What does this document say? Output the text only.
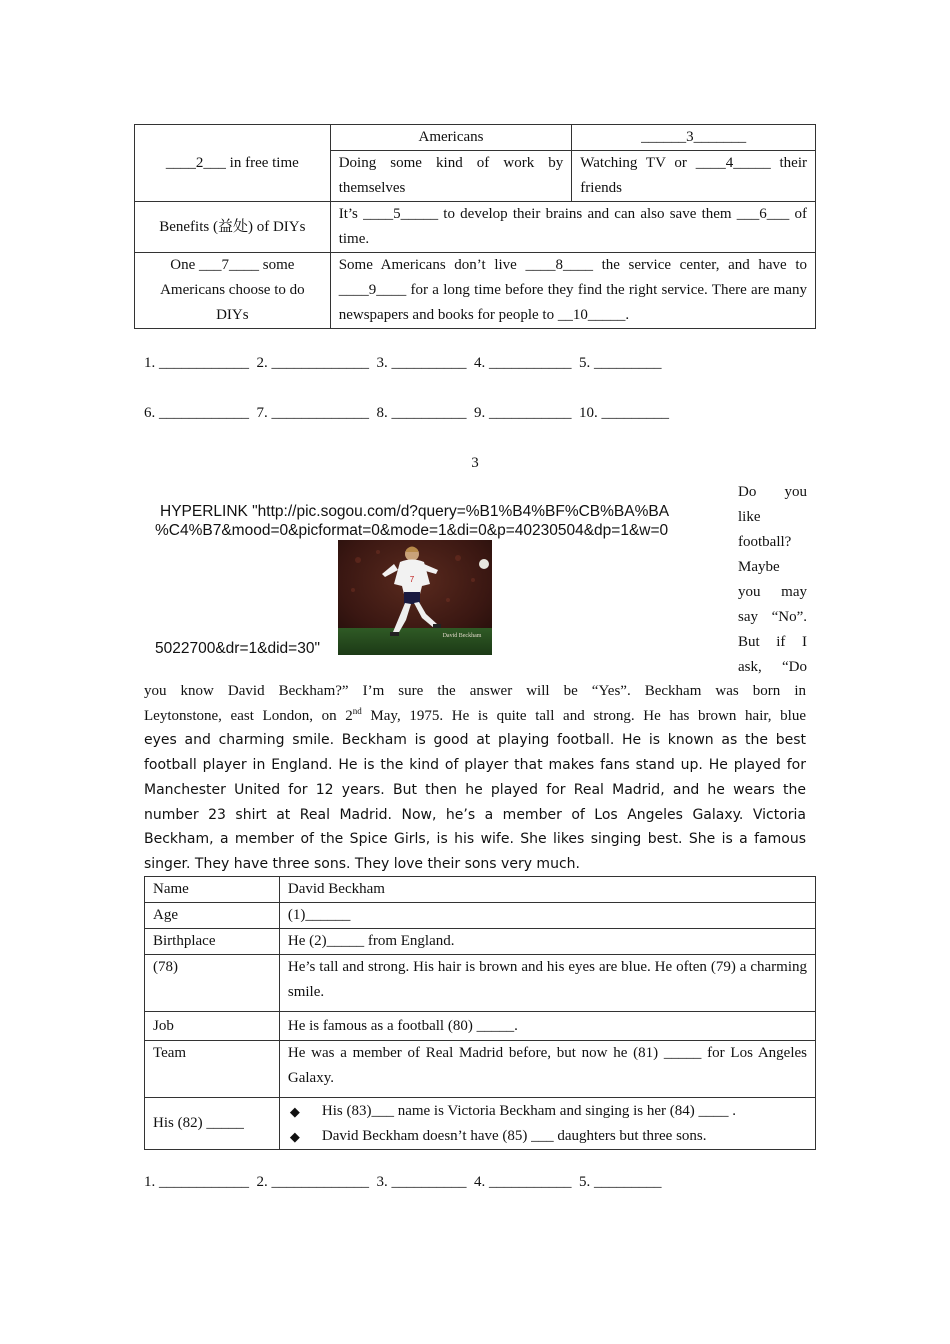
____2___ in free time	Americans	______3_______
	Doing some kind of work by themselves	Watching TV or ____4_____ their friends
Benefits (益处) of DIYs	It’s ____5_____ to develop their brains and can also save them ___6___ of time.	
One ___7____ some Americans choose to do DIYs	Some Americans don’t live ____8____ the service center, and have to ____9____ for a long time before they find the right service. There are many newspapers and books for people to __10_____.	
1. ____________  2. _____________  3. __________  4. ___________  5. _________
6. ____________  7. _____________  8. __________  9. ___________  10. _________
3
HYPERLINK "http://pic.sogou.com/d?query=%B1%B4%BF%CB%BA%BA
%C4%B7&mood=0&picformat=0&mode=1&di=0&p=40230504&dp=1&w=0
5022700&dr=1&did=30"
7
David Beckham
Do you
like
football?
Maybe
you may
say “No”.
But if I
ask, “Do
you know David Beckham?” I’m sure the answer will be “Yes”. Beckham was born in
Leytonstone, east London, on 2nd May, 1975. He is quite tall and strong. He has brown hair, blue
eyes and charming smile. Beckham is good at playing football. He is known as the best football player in England. He is the kind of player that makes fans stand up. He played for Manchester United for 12 years. But then he played for Real Madrid, and he wears the number 23 shirt at Real Madrid. Now, he’s a member of Los Angeles Galaxy. Victoria Beckham, a member of the Spice Girls, is his wife. She likes singing best. She is a famous singer. They have three sons. They love their sons very much.
Name	David Beckham
Age	(1)______
Birthplace	He (2)_____ from England.
(78)	He’s tall and strong. His hair is brown and his eyes are blue. He often (79) a charming smile.
Job	He is famous as a football (80) _____.
Team	He was a member of Real Madrid before, but now he (81) _____ for Los Angeles Galaxy.
His (82) _____	◆ His (83)___ name is Victoria Beckham and singing is her (84) ____ .
◆ David Beckham doesn’t have (85) ___ daughters but three sons.
1. ____________  2. _____________  3. __________  4. ___________  5. _________
